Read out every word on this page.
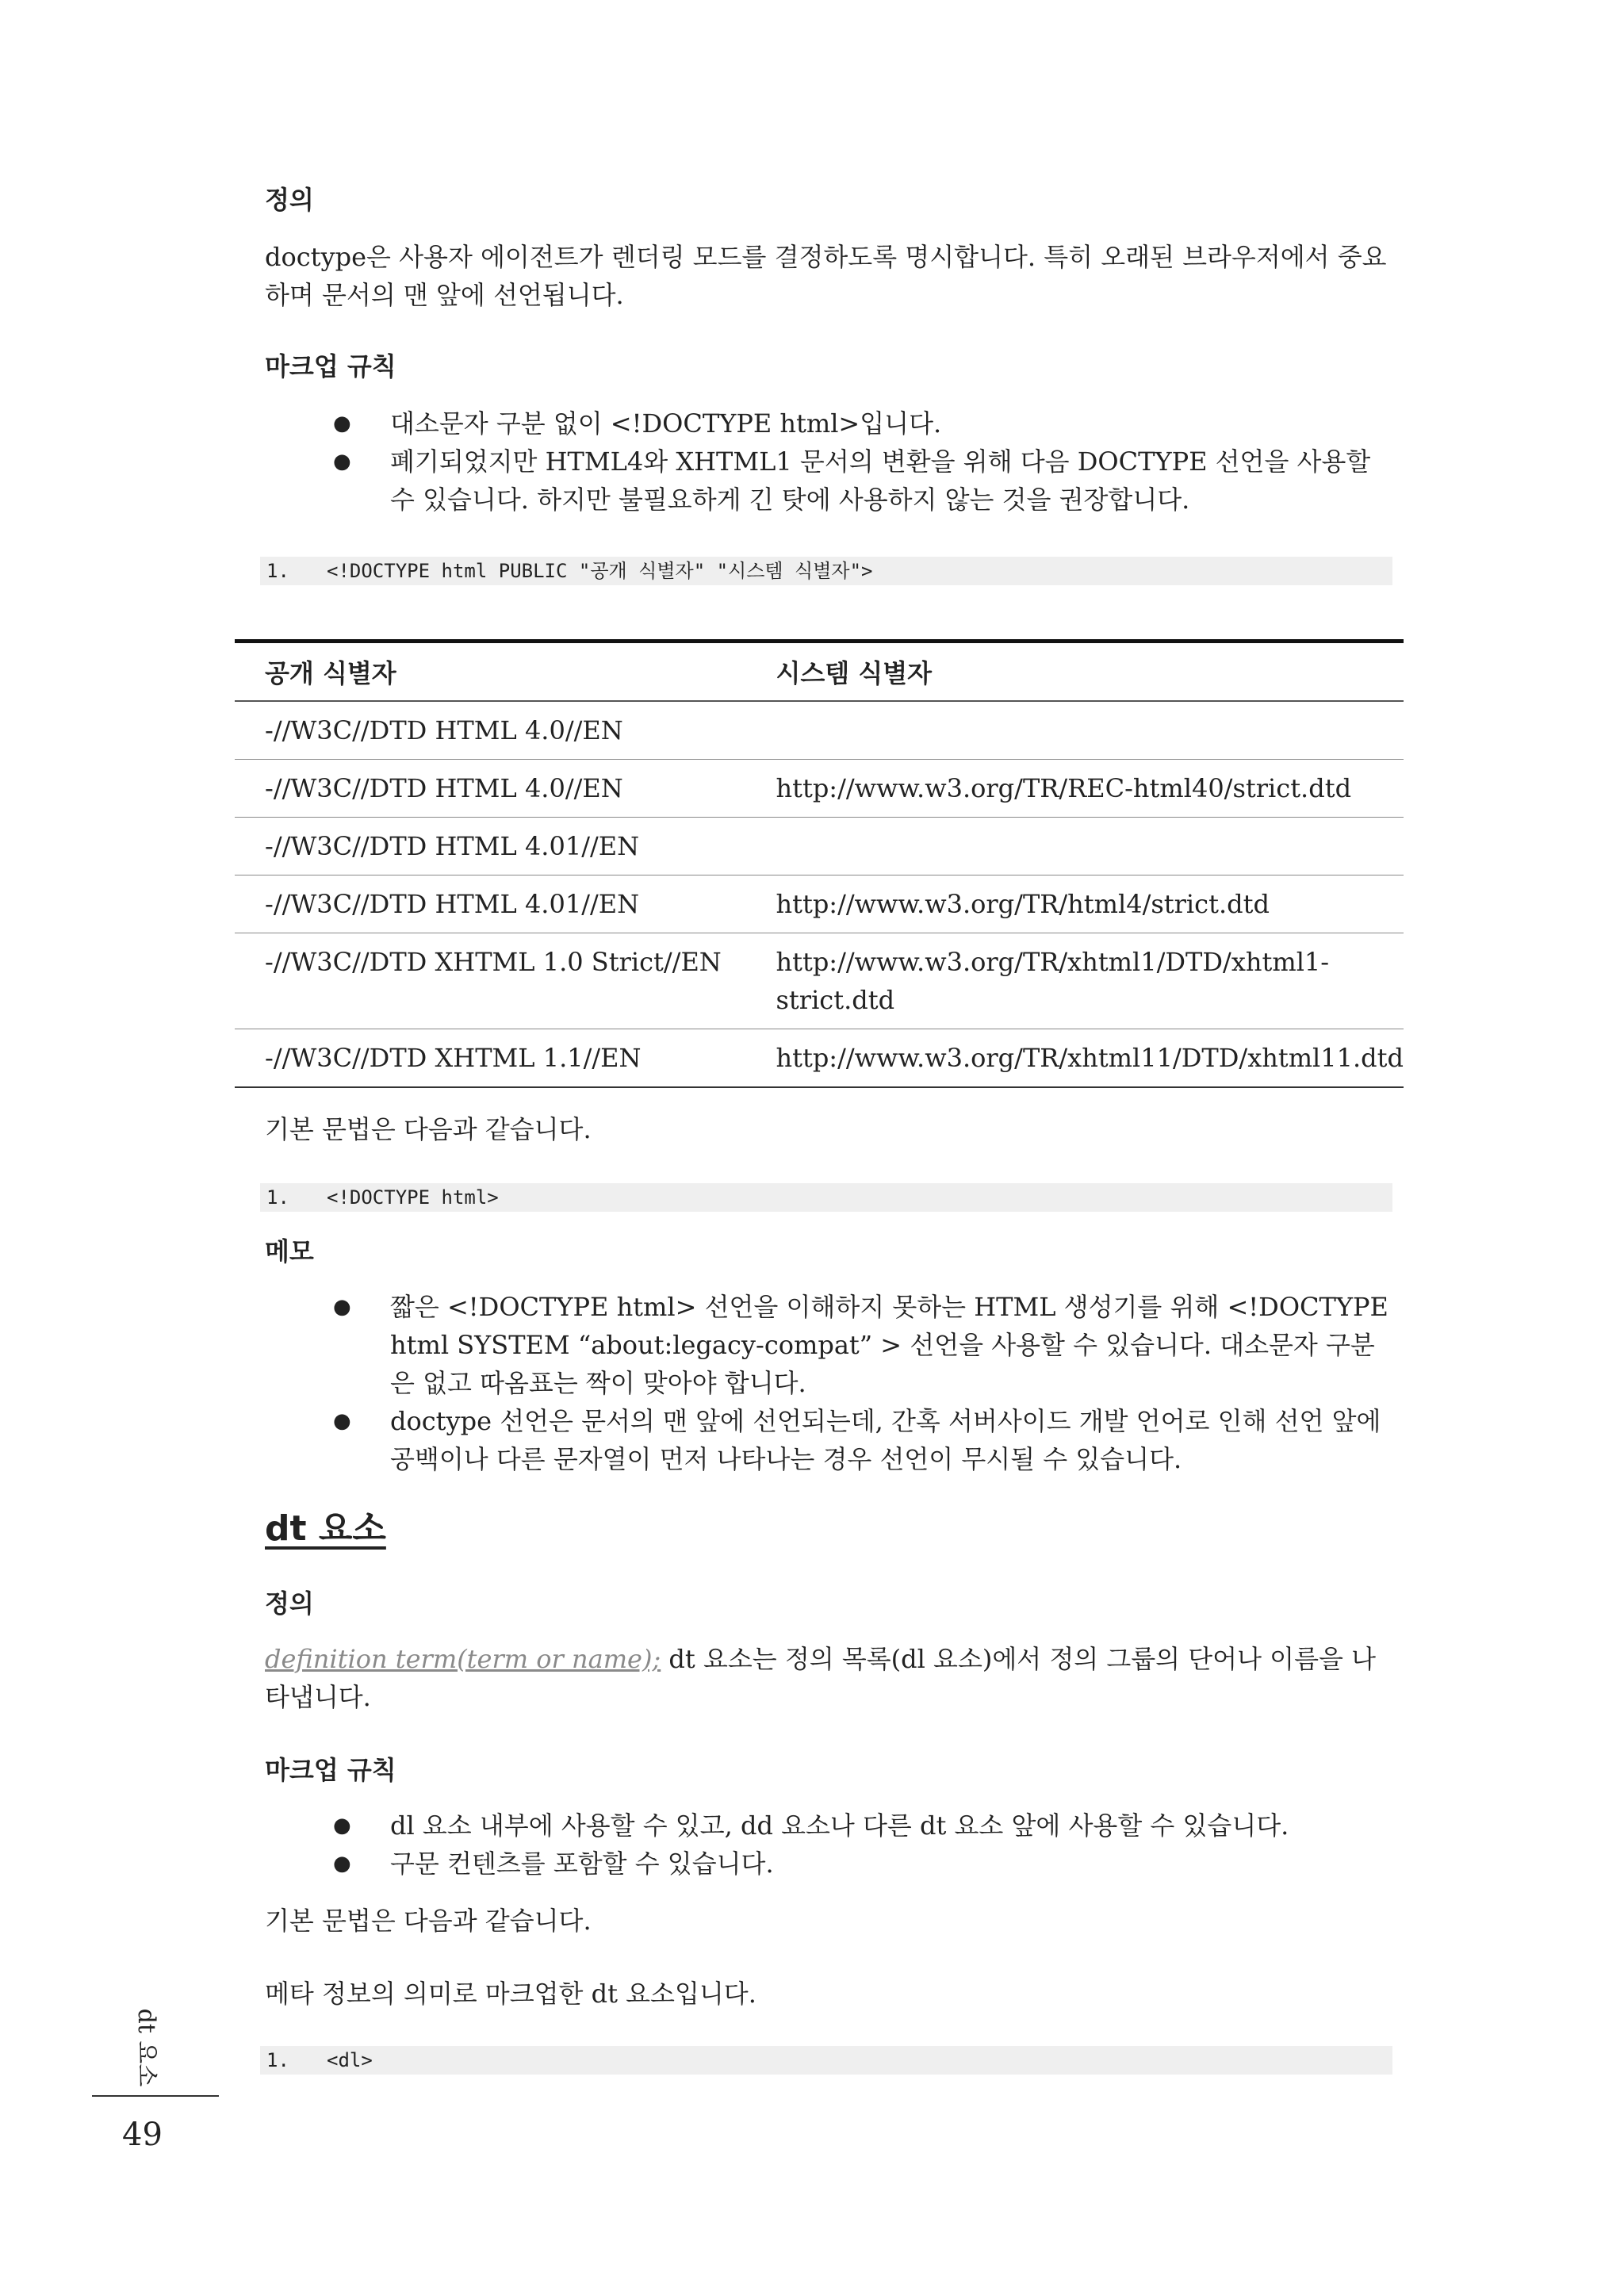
정의

doctype은 사용자 에이전트가 렌더링 모드를 결정하도록 명시합니다. 특히 오래된 브라우저에서 중요하며 문서의 맨 앞에 선언됩니다.

마크업 규칙
● 대소문자 구분 없이 <!DOCTYPE html>입니다.
● 폐기되었지만 HTML4와 XHTML1 문서의 변환을 위해 다음 DOCTYPE 선언을 사용할 수 있습니다. 하지만 불필요하게 긴 탓에 사용하지 않는 것을 권장합니다.
1. <!DOCTYPE html PUBLIC "공개 식별자" "시스템 식별자">
공개 식별자	시스템 식별자
-//W3C//DTD HTML 4.0//EN	
-//W3C//DTD HTML 4.0//EN	http://www.w3.org/TR/REC-html40/strict.dtd
-//W3C//DTD HTML 4.01//EN	
-//W3C//DTD HTML 4.01//EN	http://www.w3.org/TR/html4/strict.dtd
-//W3C//DTD XHTML 1.0 Strict//EN	http://www.w3.org/TR/xhtml1/DTD/xhtml1-strict.dtd
-//W3C//DTD XHTML 1.1//EN	http://www.w3.org/TR/xhtml11/DTD/xhtml11.dtd

기본 문법은 다음과 같습니다.

1. <!DOCTYPE html>
메모
● 짧은 <!DOCTYPE html> 선언을 이해하지 못하는 HTML 생성기를 위해 <!DOCTYPE html SYSTEM “about:legacy-compat” > 선언을 사용할 수 있습니다. 대소문자 구분은 없고 따옴표는 짝이 맞아야 합니다.
● doctype 선언은 문서의 맨 앞에 선언되는데, 간혹 서버사이드 개발 언어로 인해 선언 앞에 공백이나 다른 문자열이 먼저 나타나는 경우 선언이 무시될 수 있습니다.
dt 요소
정의

definition term(term or name); dt 요소는 정의 목록(dl 요소)에서 정의 그룹의 단어나 이름을 나타냅니다.

마크업 규칙
● dl 요소 내부에 사용할 수 있고, dd 요소나 다른 dt 요소 앞에 사용할 수 있습니다.
● 구문 컨텐츠를 포함할 수 있습니다.

기본 문법은 다음과 같습니다.

메타 정보의 의미로 마크업한 dt 요소입니다.

1. <dl>
dt 요소

49
